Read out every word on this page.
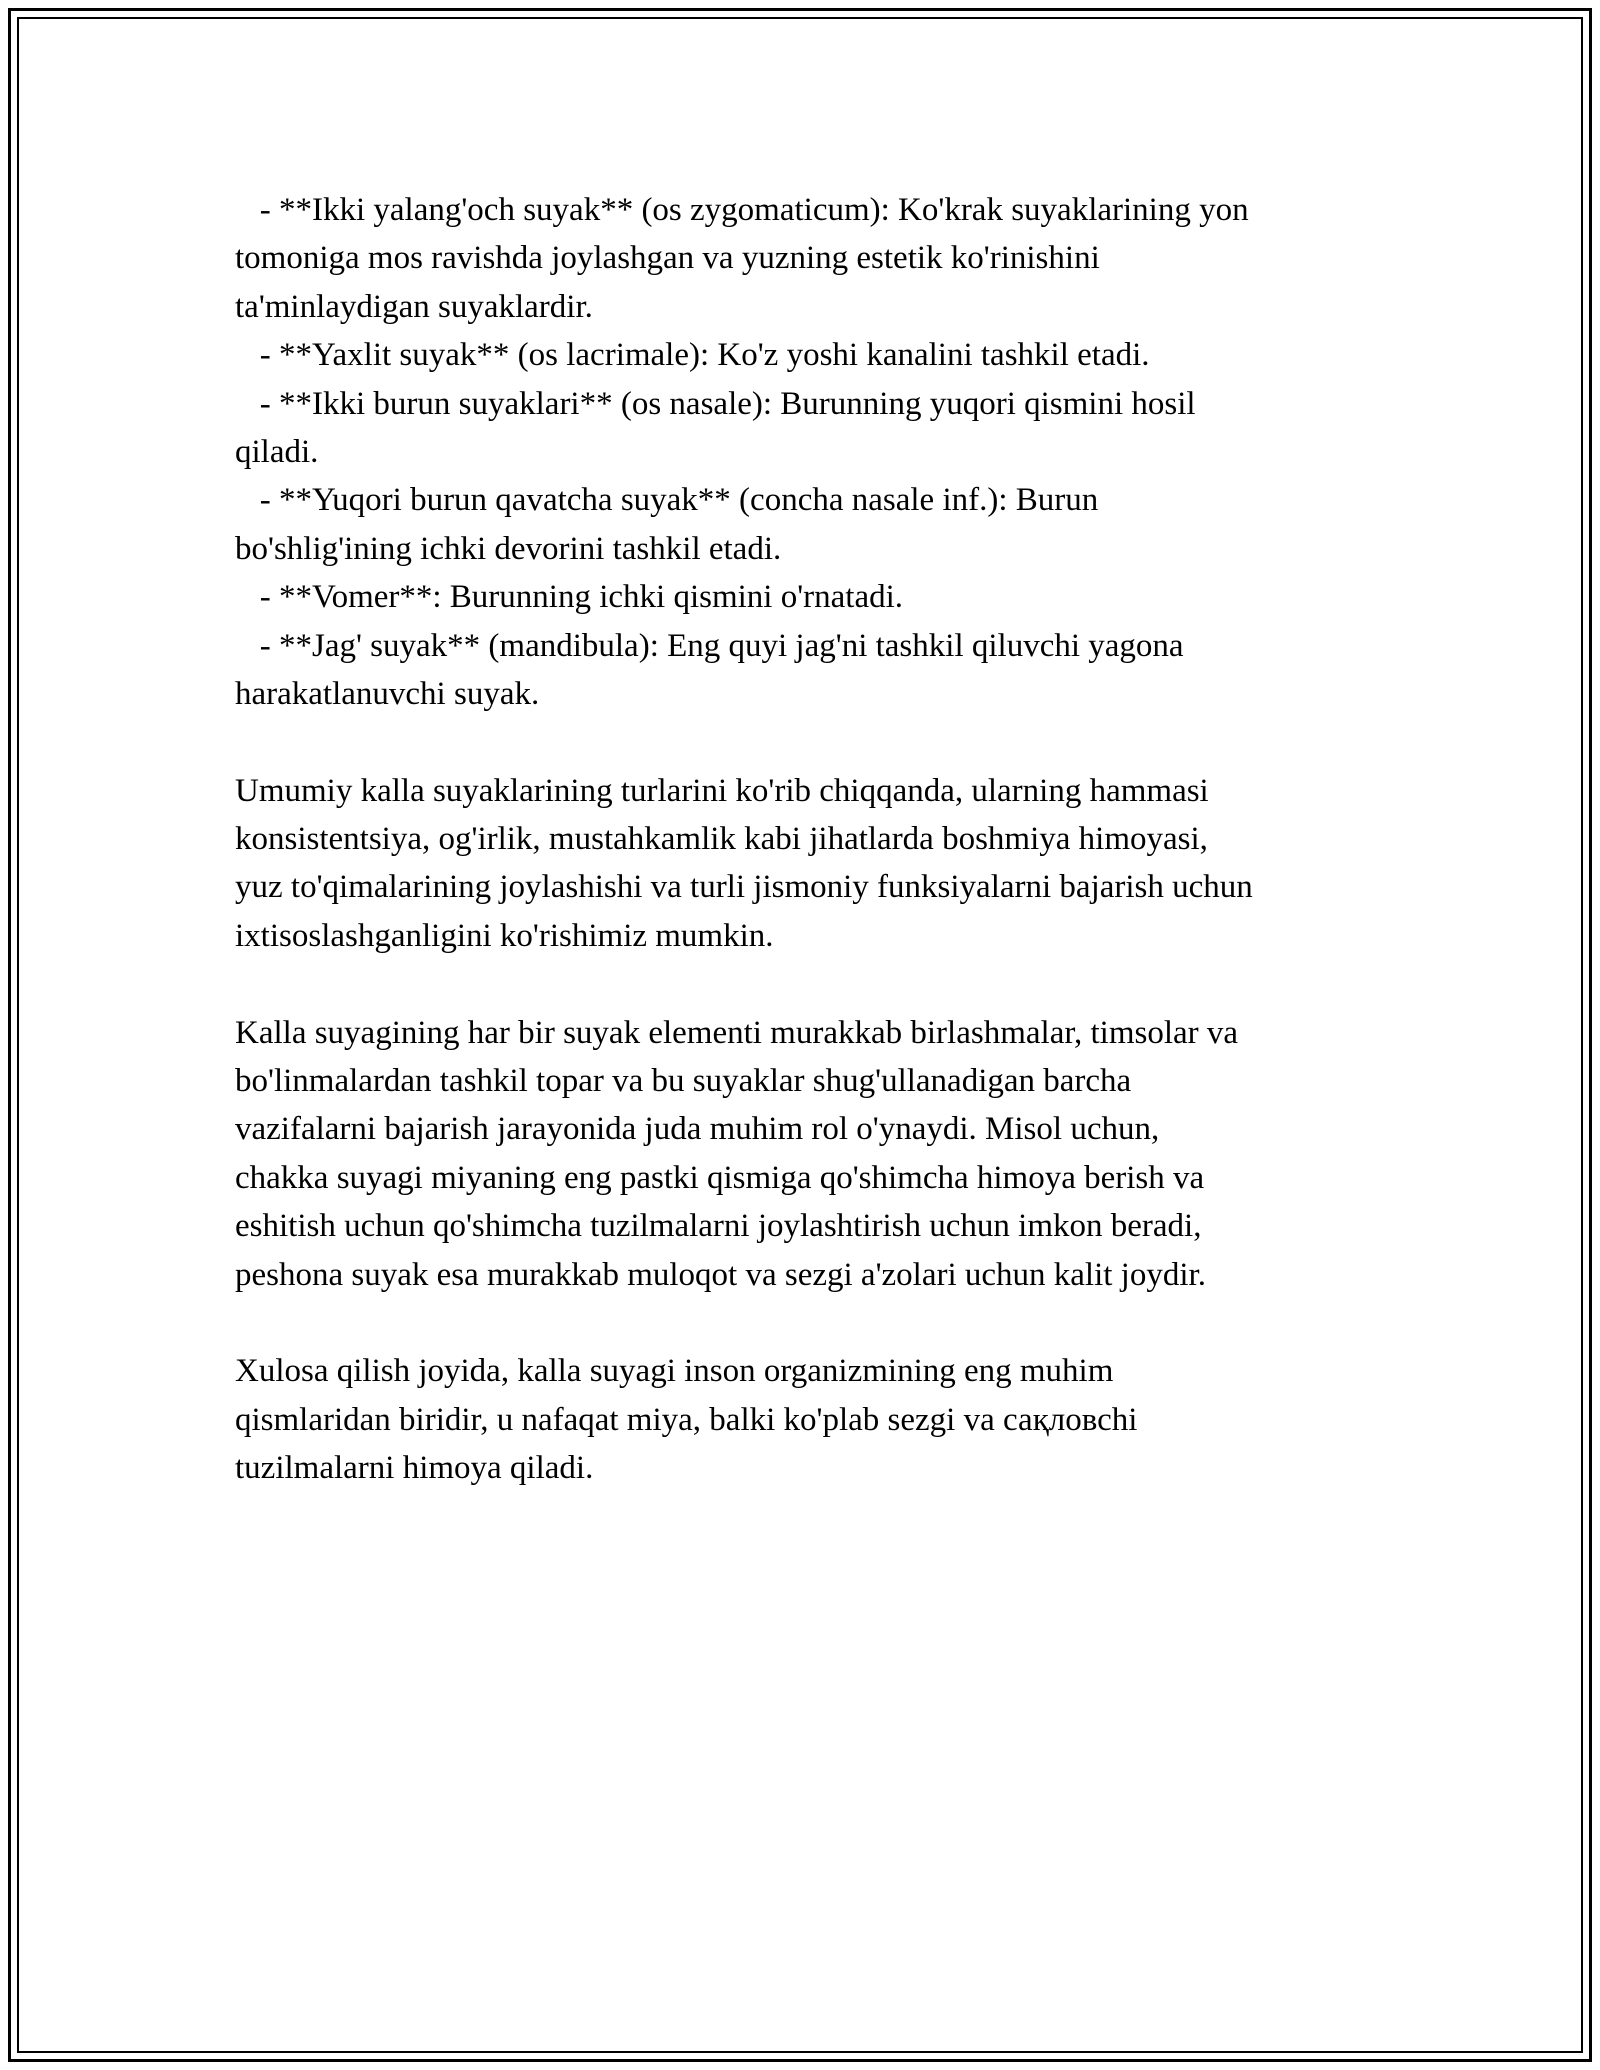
- **Ikki yalang'och suyak** (os zygomaticum): Ko'krak suyaklarining yon
tomoniga mos ravishda joylashgan va yuzning estetik ko'rinishini
ta'minlaydigan suyaklardir.
- **Yaxlit suyak** (os lacrimale): Ko'z yoshi kanalini tashkil etadi.
- **Ikki burun suyaklari** (os nasale): Burunning yuqori qismini hosil
qiladi.
- **Yuqori burun qavatcha suyak** (concha nasale inf.): Burun
bo'shlig'ining ichki devorini tashkil etadi.
- **Vomer**: Burunning ichki qismini o'rnatadi.
- **Jag' suyak** (mandibula): Eng quyi jag'ni tashkil qiluvchi yagona
harakatlanuvchi suyak.
Umumiy kalla suyaklarining turlarini ko'rib chiqqanda, ularning hammasi
konsistentsiya, og'irlik, mustahkamlik kabi jihatlarda boshmiya himoyasi,
yuz to'qimalarining joylashishi va turli jismoniy funksiyalarni bajarish uchun
ixtisoslashganligini ko'rishimiz mumkin.
Kalla suyagining har bir suyak elementi murakkab birlashmalar, timsolar va
bo'linmalardan tashkil topar va bu suyaklar shug'ullanadigan barcha
vazifalarni bajarish jarayonida juda muhim rol o'ynaydi. Misol uchun,
chakka suyagi miyaning eng pastki qismiga qo'shimcha himoya berish va
eshitish uchun qo'shimcha tuzilmalarni joylashtirish uchun imkon beradi,
peshona suyak esa murakkab muloqot va sezgi a'zolari uchun kalit joydir.
Xulosa qilish joyida, kalla suyagi inson organizmining eng muhim
qismlaridan biridir, u nafaqat miya, balki ko'plab sezgi va сақловсhi
tuzilmalarni himoya qiladi.
